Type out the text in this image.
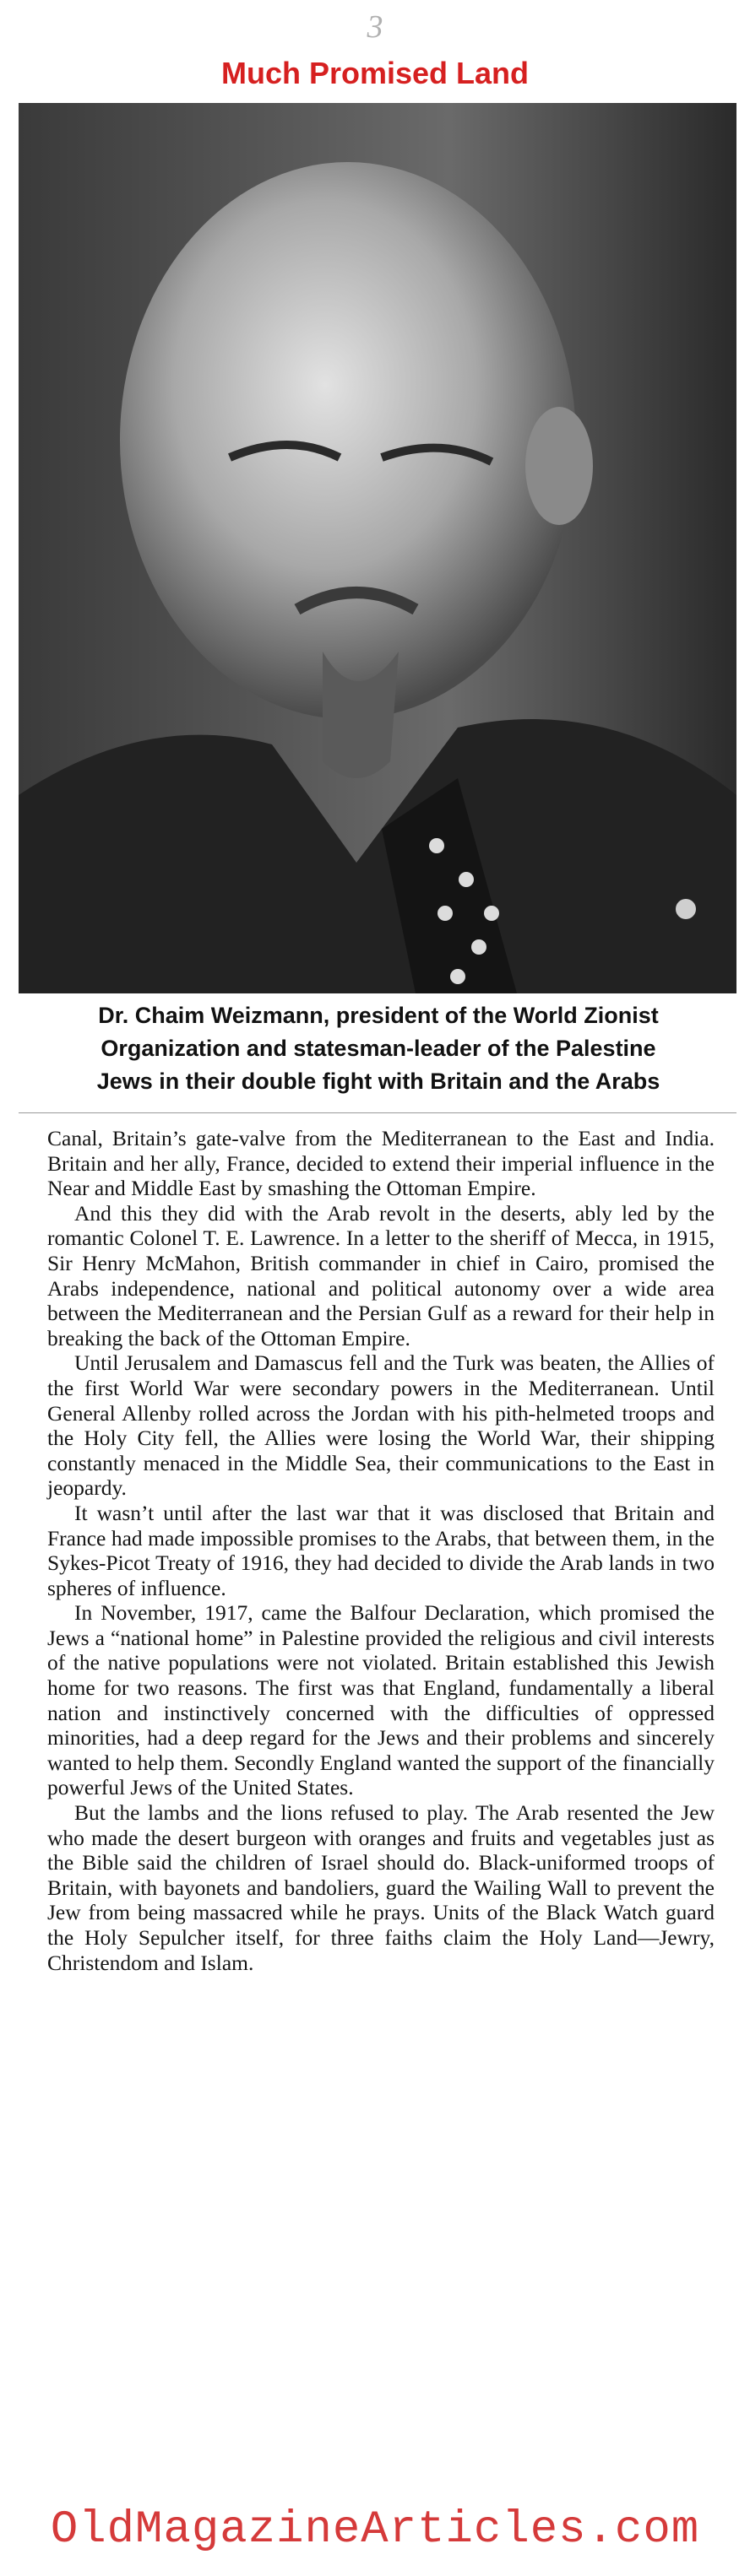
3
Much Promised Land
Dr. Chaim Weizmann, president of the World Zionist
Organization and statesman-leader of the Palestine
Jews in their double fight with Britain and the Arabs

Canal, Britain’s gate-valve from the Mediterranean to the East and India. Britain and her ally, France, decided to extend their imperial influence in the Near and Middle East by smashing the Ottoman Empire.

And this they did with the Arab revolt in the deserts, ably led by the romantic Colonel T. E. Lawrence. In a letter to the sheriff of Mecca, in 1915, Sir Henry McMahon, British commander in chief in Cairo, promised the Arabs independence, national and political autonomy over a wide area between the Mediterranean and the Persian Gulf as a reward for their help in breaking the back of the Ottoman Empire.

Until Jerusalem and Damascus fell and the Turk was beaten, the Allies of the first World War were secondary powers in the Mediterranean. Until General Allenby rolled across the Jordan with his pith-helmeted troops and the Holy City fell, the Allies were losing the World War, their shipping constantly menaced in the Middle Sea, their communications to the East in jeopardy.

It wasn’t until after the last war that it was disclosed that Britain and France had made impossible promises to the Arabs, that between them, in the Sykes-Picot Treaty of 1916, they had decided to divide the Arab lands in two spheres of influence.

In November, 1917, came the Balfour Declaration, which promised the Jews a “national home” in Palestine provided the religious and civil interests of the native populations were not violated. Britain established this Jewish home for two reasons. The first was that England, fundamentally a liberal nation and instinctively concerned with the difficulties of oppressed minorities, had a deep regard for the Jews and their problems and sincerely wanted to help them. Secondly England wanted the support of the financially powerful Jews of the United States.

But the lambs and the lions refused to play. The Arab resented the Jew who made the desert burgeon with oranges and fruits and vegetables just as the Bible said the children of Israel should do. Black-uniformed troops of Britain, with bayonets and bandoliers, guard the Wailing Wall to prevent the Jew from being massacred while he prays. Units of the Black Watch guard the Holy Sepulcher itself, for three faiths claim the Holy Land—Jewry, Christendom and Islam.

OldMagazineArticles.com
